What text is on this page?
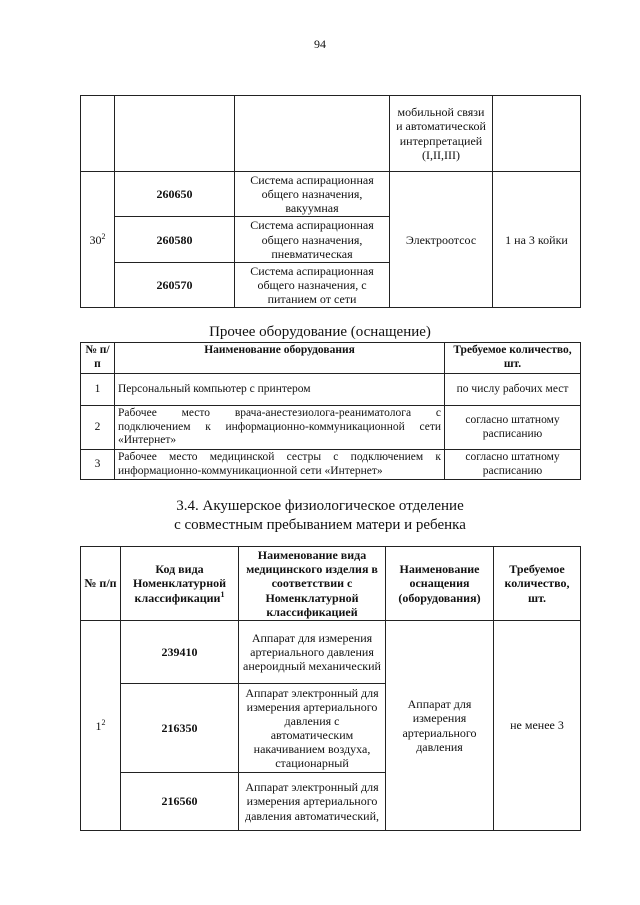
94
			мобильной связи и автоматической интерпретацией (I,II,III)	
$30^2$	260650	Система аспирационная общего назначения, вакуумная	Электроотсос	1 на 3 койки
	260580	Система аспирационная общего назначения, пневматическая		
	260570	Система аспирационная общего назначения, с питанием от сети		
Прочее оборудование (оснащение)
№ п/п	Наименование оборудования	Требуемое количество, шт.
1	Персональный компьютер с принтером	по числу рабочих мест
2	Рабочее место врача-анестезиолога-реаниматолога с подключением к информационно-коммуникационной сети «Интернет»	согласно штатному расписанию
3	Рабочее место медицинской сестры с подключением к информационно-коммуникационной сети «Интернет»	согласно штатному расписанию
3.4. Акушерское физиологическое отделение
с совместным пребыванием матери и ребенка
№ п/п	Код вида Номенклатурной классификации$^1$	Наименование вида медицинского изделия в соответствии с Номенклатурной классификацией	Наименование оснащения (оборудования)	Требуемое количество, шт.
$1^2$	239410	Аппарат для измерения артериального давления анероидный механический	Аппарат для измерения артериального давления	не менее 3
	216350	Аппарат электронный для измерения артериального давления с автоматическим накачиванием воздуха, стационарный		
	216560	Аппарат электронный для измерения артериального давления автоматический,		
